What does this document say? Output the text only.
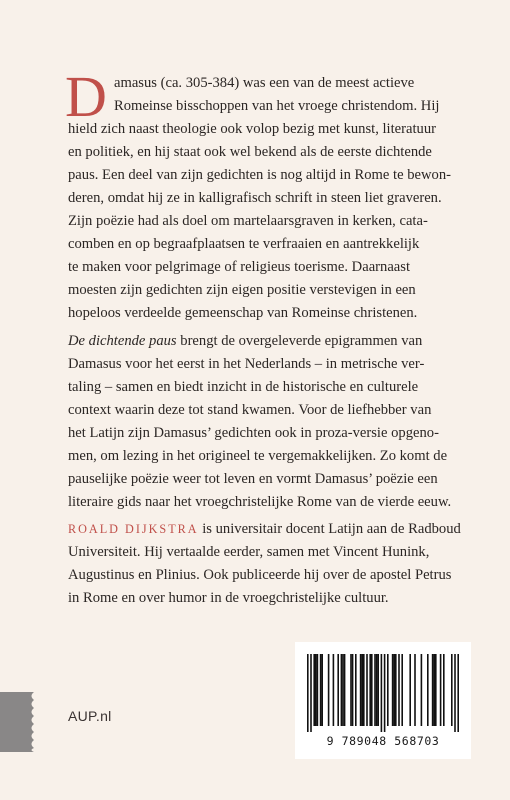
D amasus (ca. 305-384) was een van de meest actieve
Romeinse bisschoppen van het vroege christendom. Hij
hield zich naast theologie ook volop bezig met kunst, literatuur
en politiek, en hij staat ook wel bekend als de eerste dichtende
paus. Een deel van zijn gedichten is nog altijd in Rome te bewon-
deren, omdat hij ze in kalligrafisch schrift in steen liet graveren.
Zijn poëzie had als doel om martelaarsgraven in kerken, cata-
comben en op begraafplaatsen te verfraaien en aantrekkelijk
te maken voor pelgrimage of religieus toerisme. Daarnaast
moesten zijn gedichten zijn eigen positie verstevigen in een
hopeloos verdeelde gemeenschap van Romeinse christenen.

De dichtende paus brengt de overgeleverde epigrammen van
Damasus voor het eerst in het Nederlands – in metrische ver-
taling – samen en biedt inzicht in de historische en culturele
context waarin deze tot stand kwamen. Voor de liefhebber van
het Latijn zijn Damasus’ gedichten ook in proza-versie opgeno-
men, om lezing in het origineel te vergemakkelijken. Zo komt de
pauselijke poëzie weer tot leven en vormt Damasus’ poëzie een
literaire gids naar het vroegchristelijke Rome van de vierde eeuw.

ROALD DIJKSTRA is universitair docent Latijn aan de Radboud
Universiteit. Hij vertaalde eerder, samen met Vincent Hunink,
Augustinus en Plinius. Ook publiceerde hij over de apostel Petrus
in Rome en over humor in de vroegchristelijke cultuur.

AUP.nl
9 789048 568703
